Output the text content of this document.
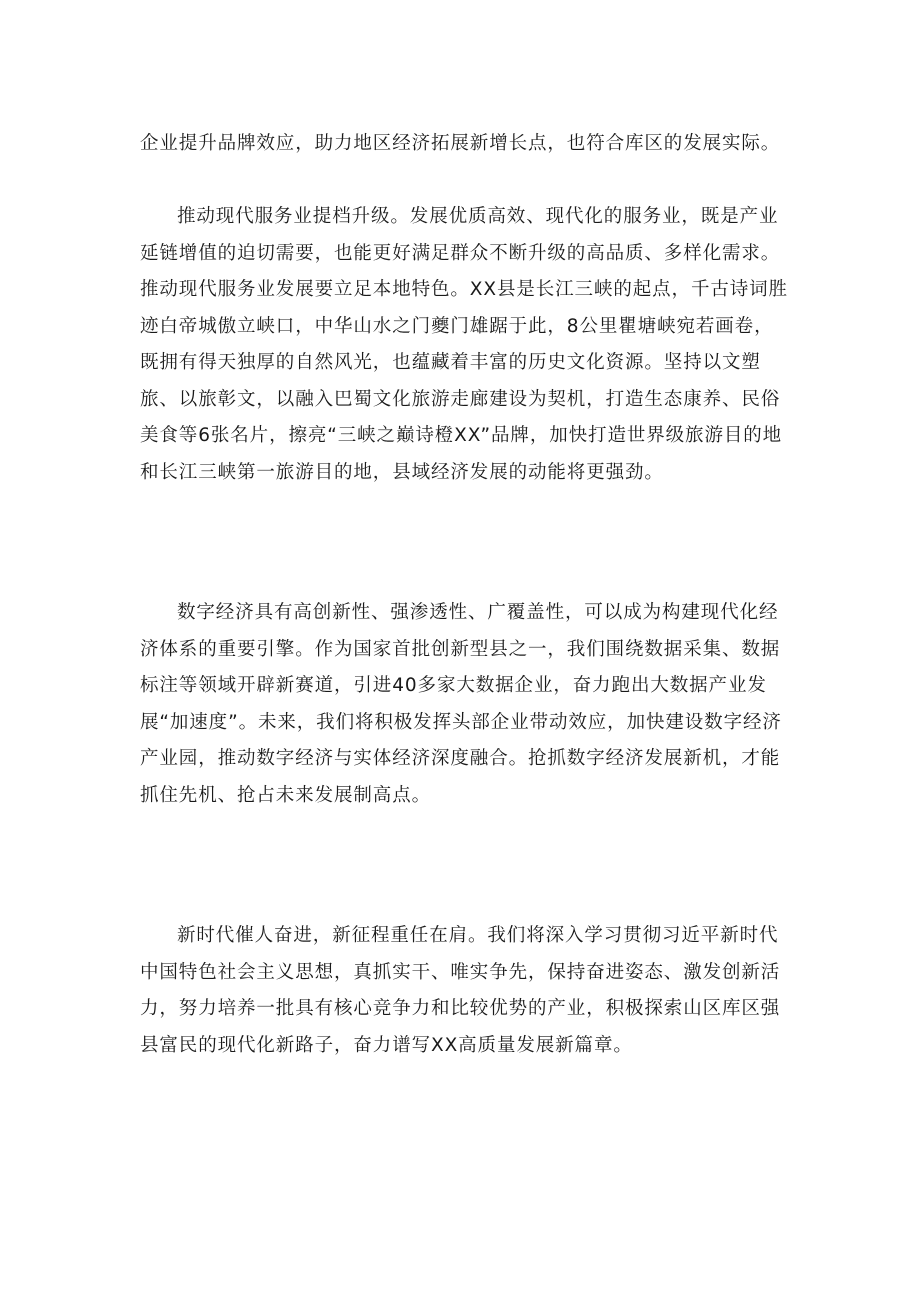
企业提升品牌效应，助力地区经济拓展新增长点，也符合库区的发展实际。

推动现代服务业提档升级。发展优质高效、现代化的服务业，既是产业延链增值的迫切需要，也能更好满足群众不断升级的高品质、多样化需求。推动现代服务业发展要立足本地特色。XX县是长江三峡的起点，千古诗词胜迹白帝城傲立峡口，中华山水之门夔门雄踞于此，8公里瞿塘峡宛若画卷，既拥有得天独厚的自然风光，也蕴藏着丰富的历史文化资源。坚持以文塑旅、以旅彰文，以融入巴蜀文化旅游走廊建设为契机，打造生态康养、民俗美食等6张名片，擦亮“三峡之巅诗橙XX”品牌，加快打造世界级旅游目的地和长江三峡第一旅游目的地，县域经济发展的动能将更强劲。

数字经济具有高创新性、强渗透性、广覆盖性，可以成为构建现代化经济体系的重要引擎。作为国家首批创新型县之一，我们围绕数据采集、数据标注等领域开辟新赛道，引进40多家大数据企业，奋力跑出大数据产业发展“加速度”。未来，我们将积极发挥头部企业带动效应，加快建设数字经济产业园，推动数字经济与实体经济深度融合。抢抓数字经济发展新机，才能抓住先机、抢占未来发展制高点。

新时代催人奋进，新征程重任在肩。我们将深入学习贯彻习近平新时代中国特色社会主义思想，真抓实干、唯实争先，保持奋进姿态、激发创新活力，努力培养一批具有核心竞争力和比较优势的产业，积极探索山区库区强县富民的现代化新路子，奋力谱写XX高质量发展新篇章。
